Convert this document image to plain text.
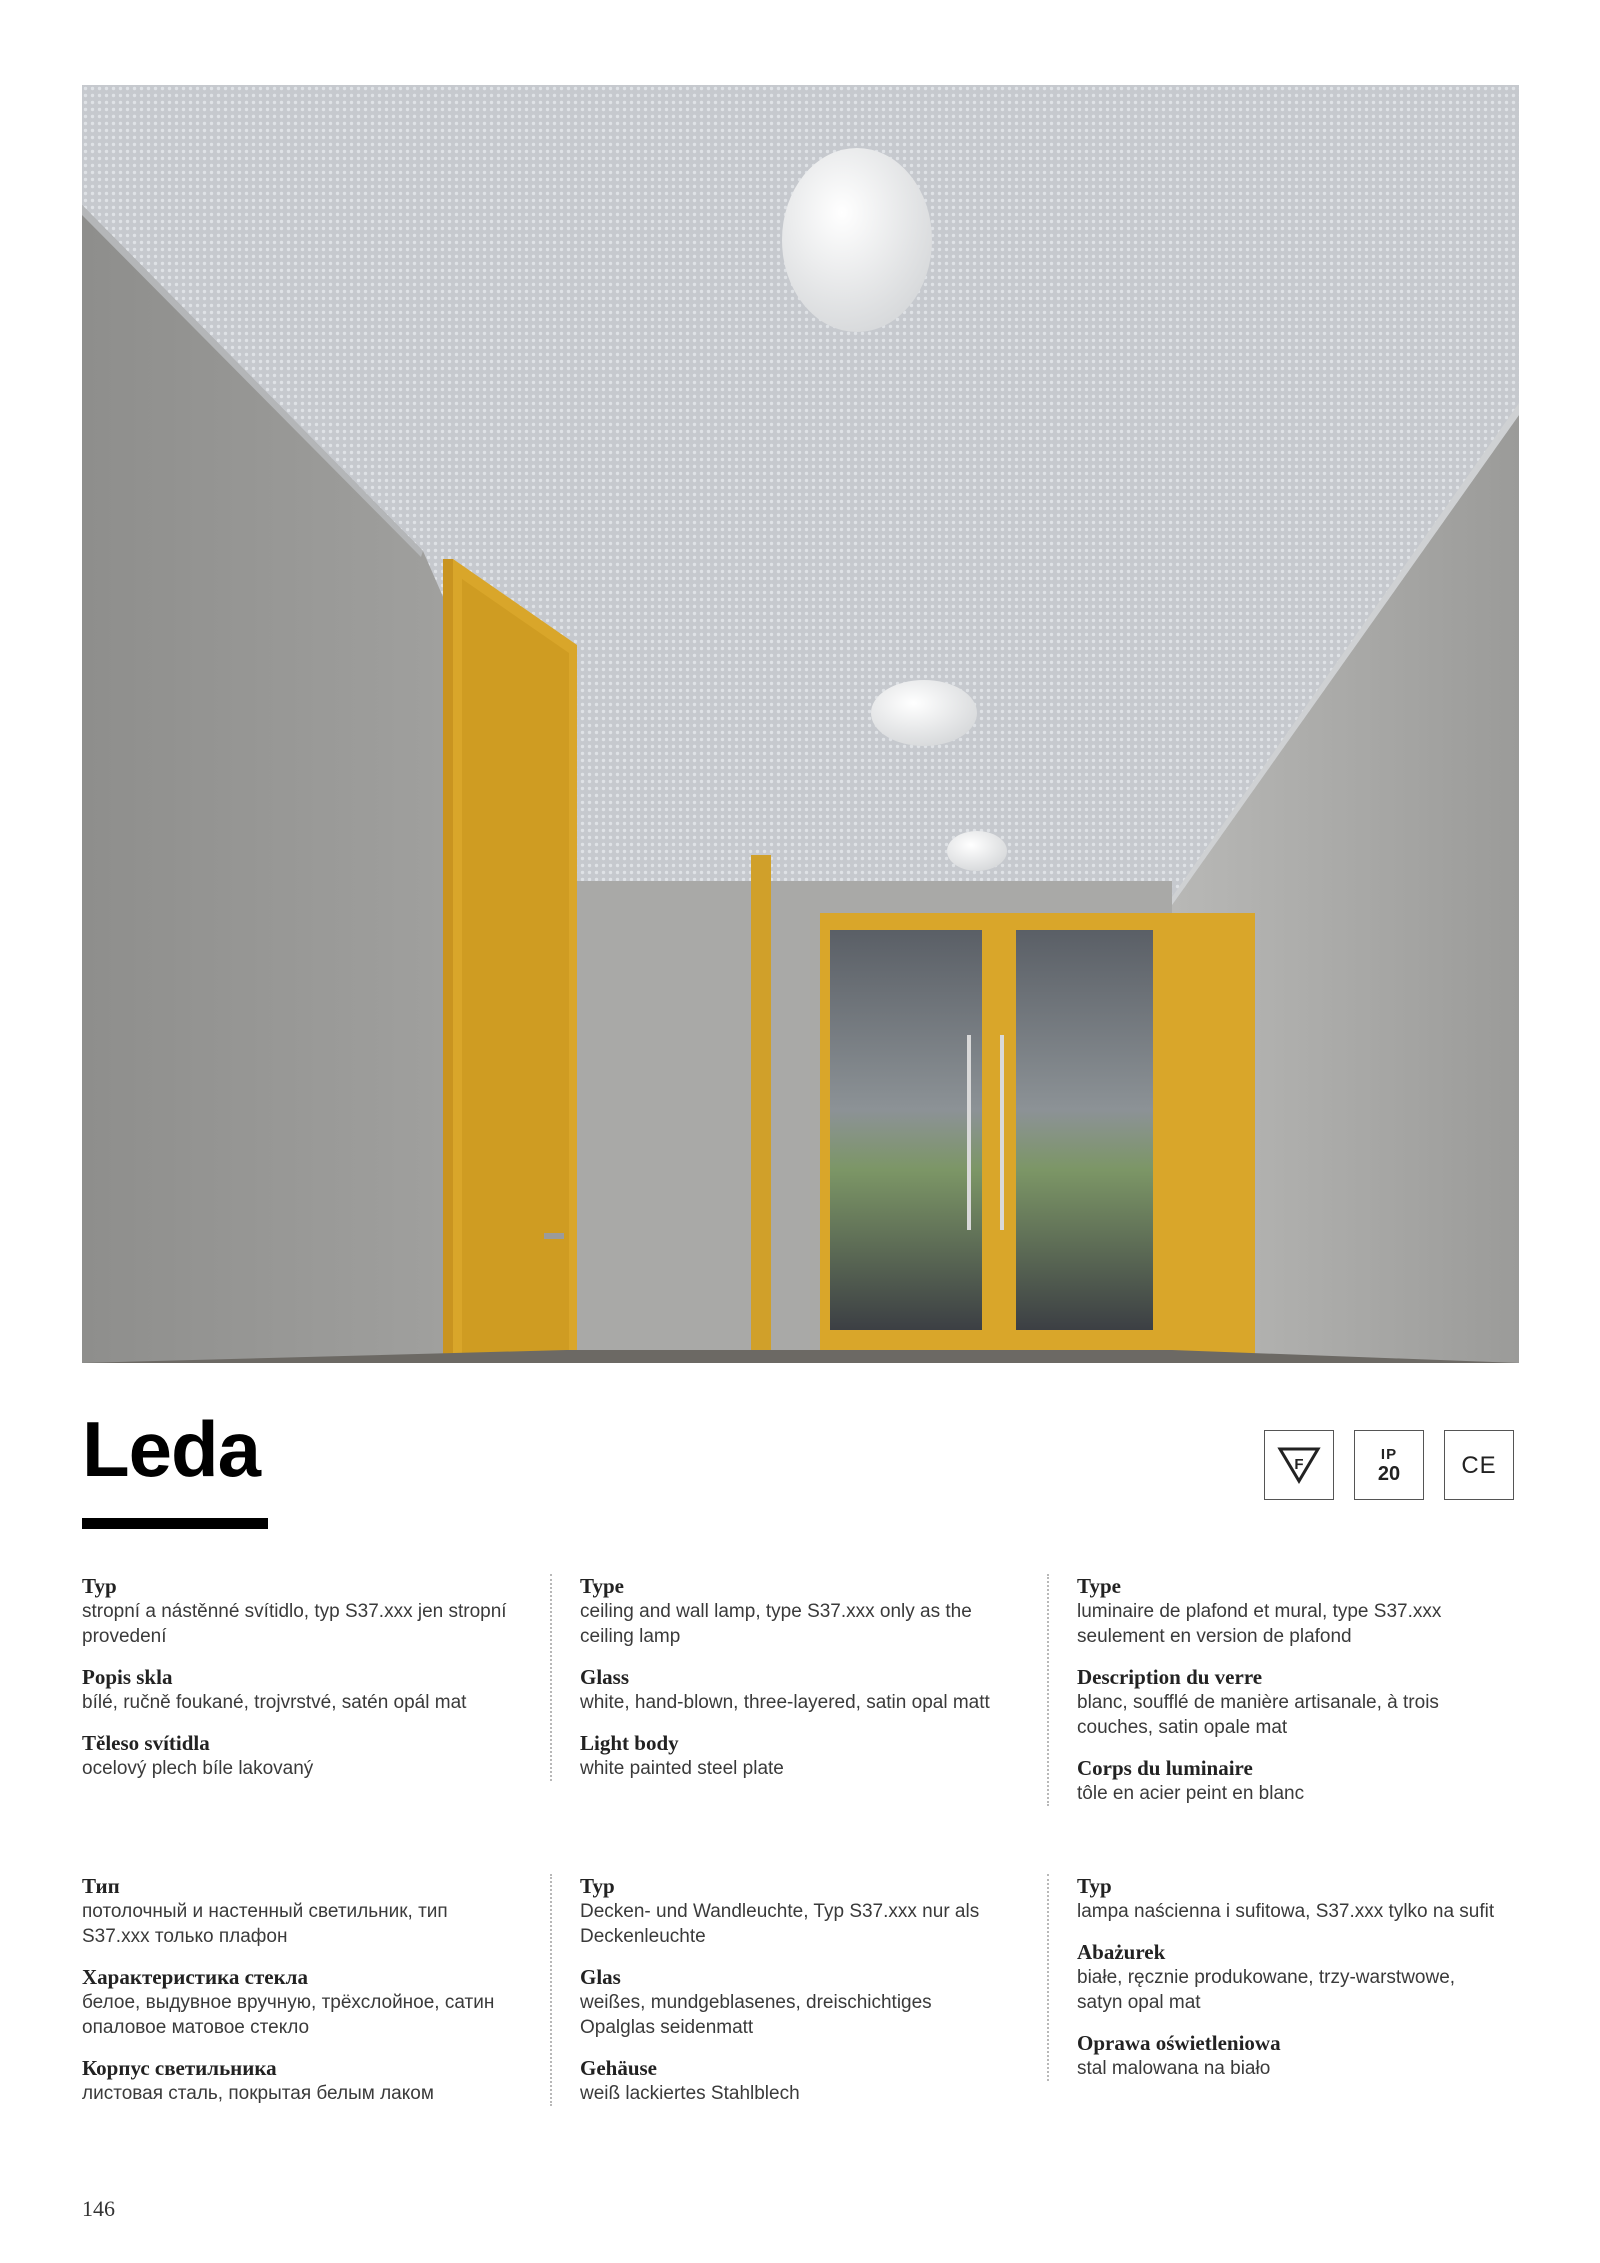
Leda	F
IP
20	CE
Typ

stropní a nástěnné svítidlo, typ S37.xxx jen stropní provedení

Popis skla

bílé, ručně foukané, trojvrstvé, satén opál mat

Těleso svítidla

ocelový plech bíle lakovaný

Type

ceiling and wall lamp, type S37.xxx only as the ceiling lamp

Glass

white, hand-blown, three-layered, satin opal matt

Light body

white painted steel plate

Type

luminaire de plafond et mural, type S37.xxx seulement en version de plafond

Description du verre

blanc, soufflé de manière artisanale, à trois couches, satin opale mat

Corps du luminaire

tôle en acier peint en blanc

Тип

потолочный и настенный светильник, тип S37.xxx только плафон

Характеристика стекла

белое, выдувное вручную, трёхслойное, сатин опаловое матовое стекло

Корпус светильника

листовая сталь, покрытая белым лаком

Typ

Decken- und Wandleuchte, Typ S37.xxx nur als Deckenleuchte

Glas

weißes, mundgeblasenes, dreischichtiges Opalglas seidenmatt

Gehäuse

weiß lackiertes Stahlblech

Typ

lampa naścienna i sufitowa, S37.xxx tylko na sufit

Abażurek

białe, ręcznie produkowane, trzy-warstwowe, satyn opal mat

Oprawa oświetleniowa

stal malowana na biało

146
